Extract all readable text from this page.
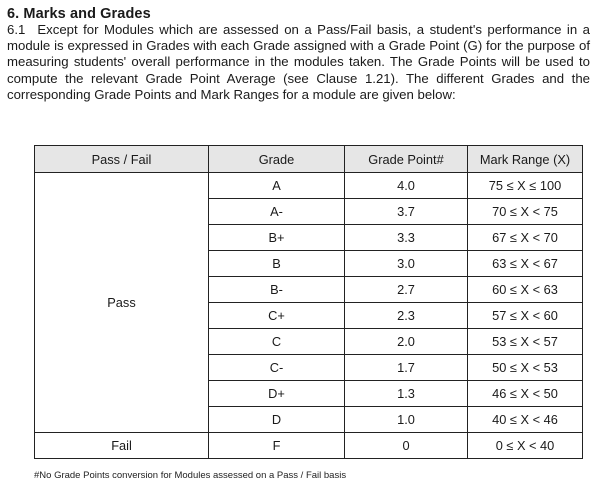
6. Marks and Grades
6.1 Except for Modules which are assessed on a Pass/Fail basis, a student's performance in a module is expressed in Grades with each Grade assigned with a Grade Point (G) for the purpose of measuring students' overall performance in the modules taken. The Grade Points will be used to compute the relevant Grade Point Average (see Clause 1.21). The different Grades and the corresponding Grade Points and Mark Ranges for a module are given below:
Pass / Fail	Grade	Grade Point#	Mark Range (X)
Pass	A	4.0	75 ≤ X ≤ 100
	A-	3.7	70 ≤ X < 75
	B+	3.3	67 ≤ X < 70
	B	3.0	63 ≤ X < 67
	B-	2.7	60 ≤ X < 63
	C+	2.3	57 ≤ X < 60
	C	2.0	53 ≤ X < 57
	C-	1.7	50 ≤ X < 53
	D+	1.3	46 ≤ X < 50
	D	1.0	40 ≤ X < 46
Fail	F	0	0 ≤ X < 40
#No Grade Points conversion for Modules assessed on a Pass / Fail basis
